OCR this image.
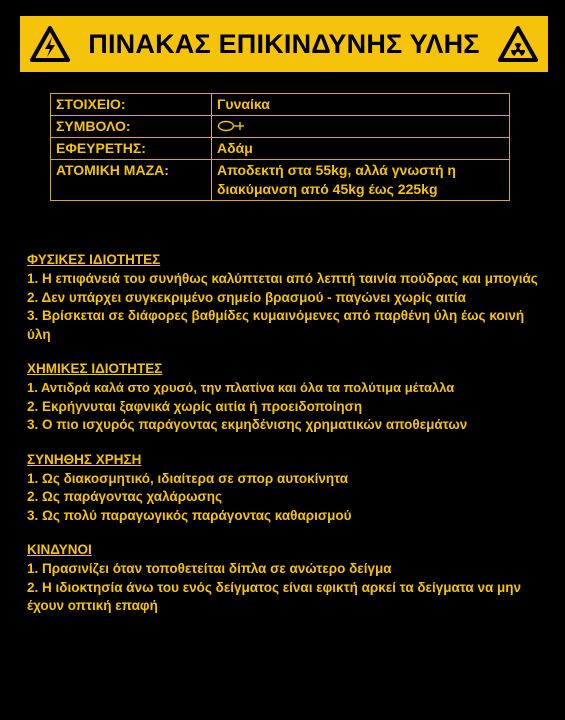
ΠΙΝΑΚΑΣ ΕΠΙΚΙΝΔΥΝΗΣ ΥΛΗΣ
ΣΤΟΙΧΕΙΟ:	Γυναίκα
ΣΥΜΒΟΛΟ:	

ΕΦΕΥΡΕΤΗΣ:	Αδάμ
ΑΤΟΜΙΚΗ ΜΑΖΑ:	Αποδεκτή στα 55kg, αλλά γνωστή η διακύμανση από 45kg έως 225kg
ΦΥΣΙΚΕΣ ΙΔΙΟΤΗΤΕΣ
1. Η επιφάνειά του συνήθως καλύπτεται από λεπτή ταινία πούδρας και μπογιάς
2. Δεν υπάρχει συγκεκριμένο σημείο βρασμού - παγώνει χωρίς αιτία
3. Βρίσκεται σε διάφορες βαθμίδες κυμαινόμενες από παρθένη ύλη έως κοινή ύλη
ΧΗΜΙΚΕΣ ΙΔΙΟΤΗΤΕΣ
1. Αντιδρά καλά στο χρυσό, την πλατίνα και όλα τα πολύτιμα μέταλλα
2. Εκρήγνυται ξαφνικά χωρίς αιτία ή προειδοποίηση
3. Ο πιο ισχυρός παράγοντας εκμηδένισης χρηματικών αποθεμάτων
ΣΥΝΗΘΗΣ ΧΡΗΣΗ
1. Ως διακοσμητικό, ιδιαίτερα σε σπορ αυτοκίνητα
2. Ως παράγοντας χαλάρωσης
3. Ως πολύ παραγωγικός παράγοντας καθαρισμού
ΚΙΝΔΥΝΟΙ
1. Πρασινίζει όταν τοποθετείται δίπλα σε ανώτερο δείγμα
2. Η ιδιοκτησία άνω του ενός δείγματος είναι εφικτή αρκεί τα δείγματα να μην έχουν οπτική επαφή
